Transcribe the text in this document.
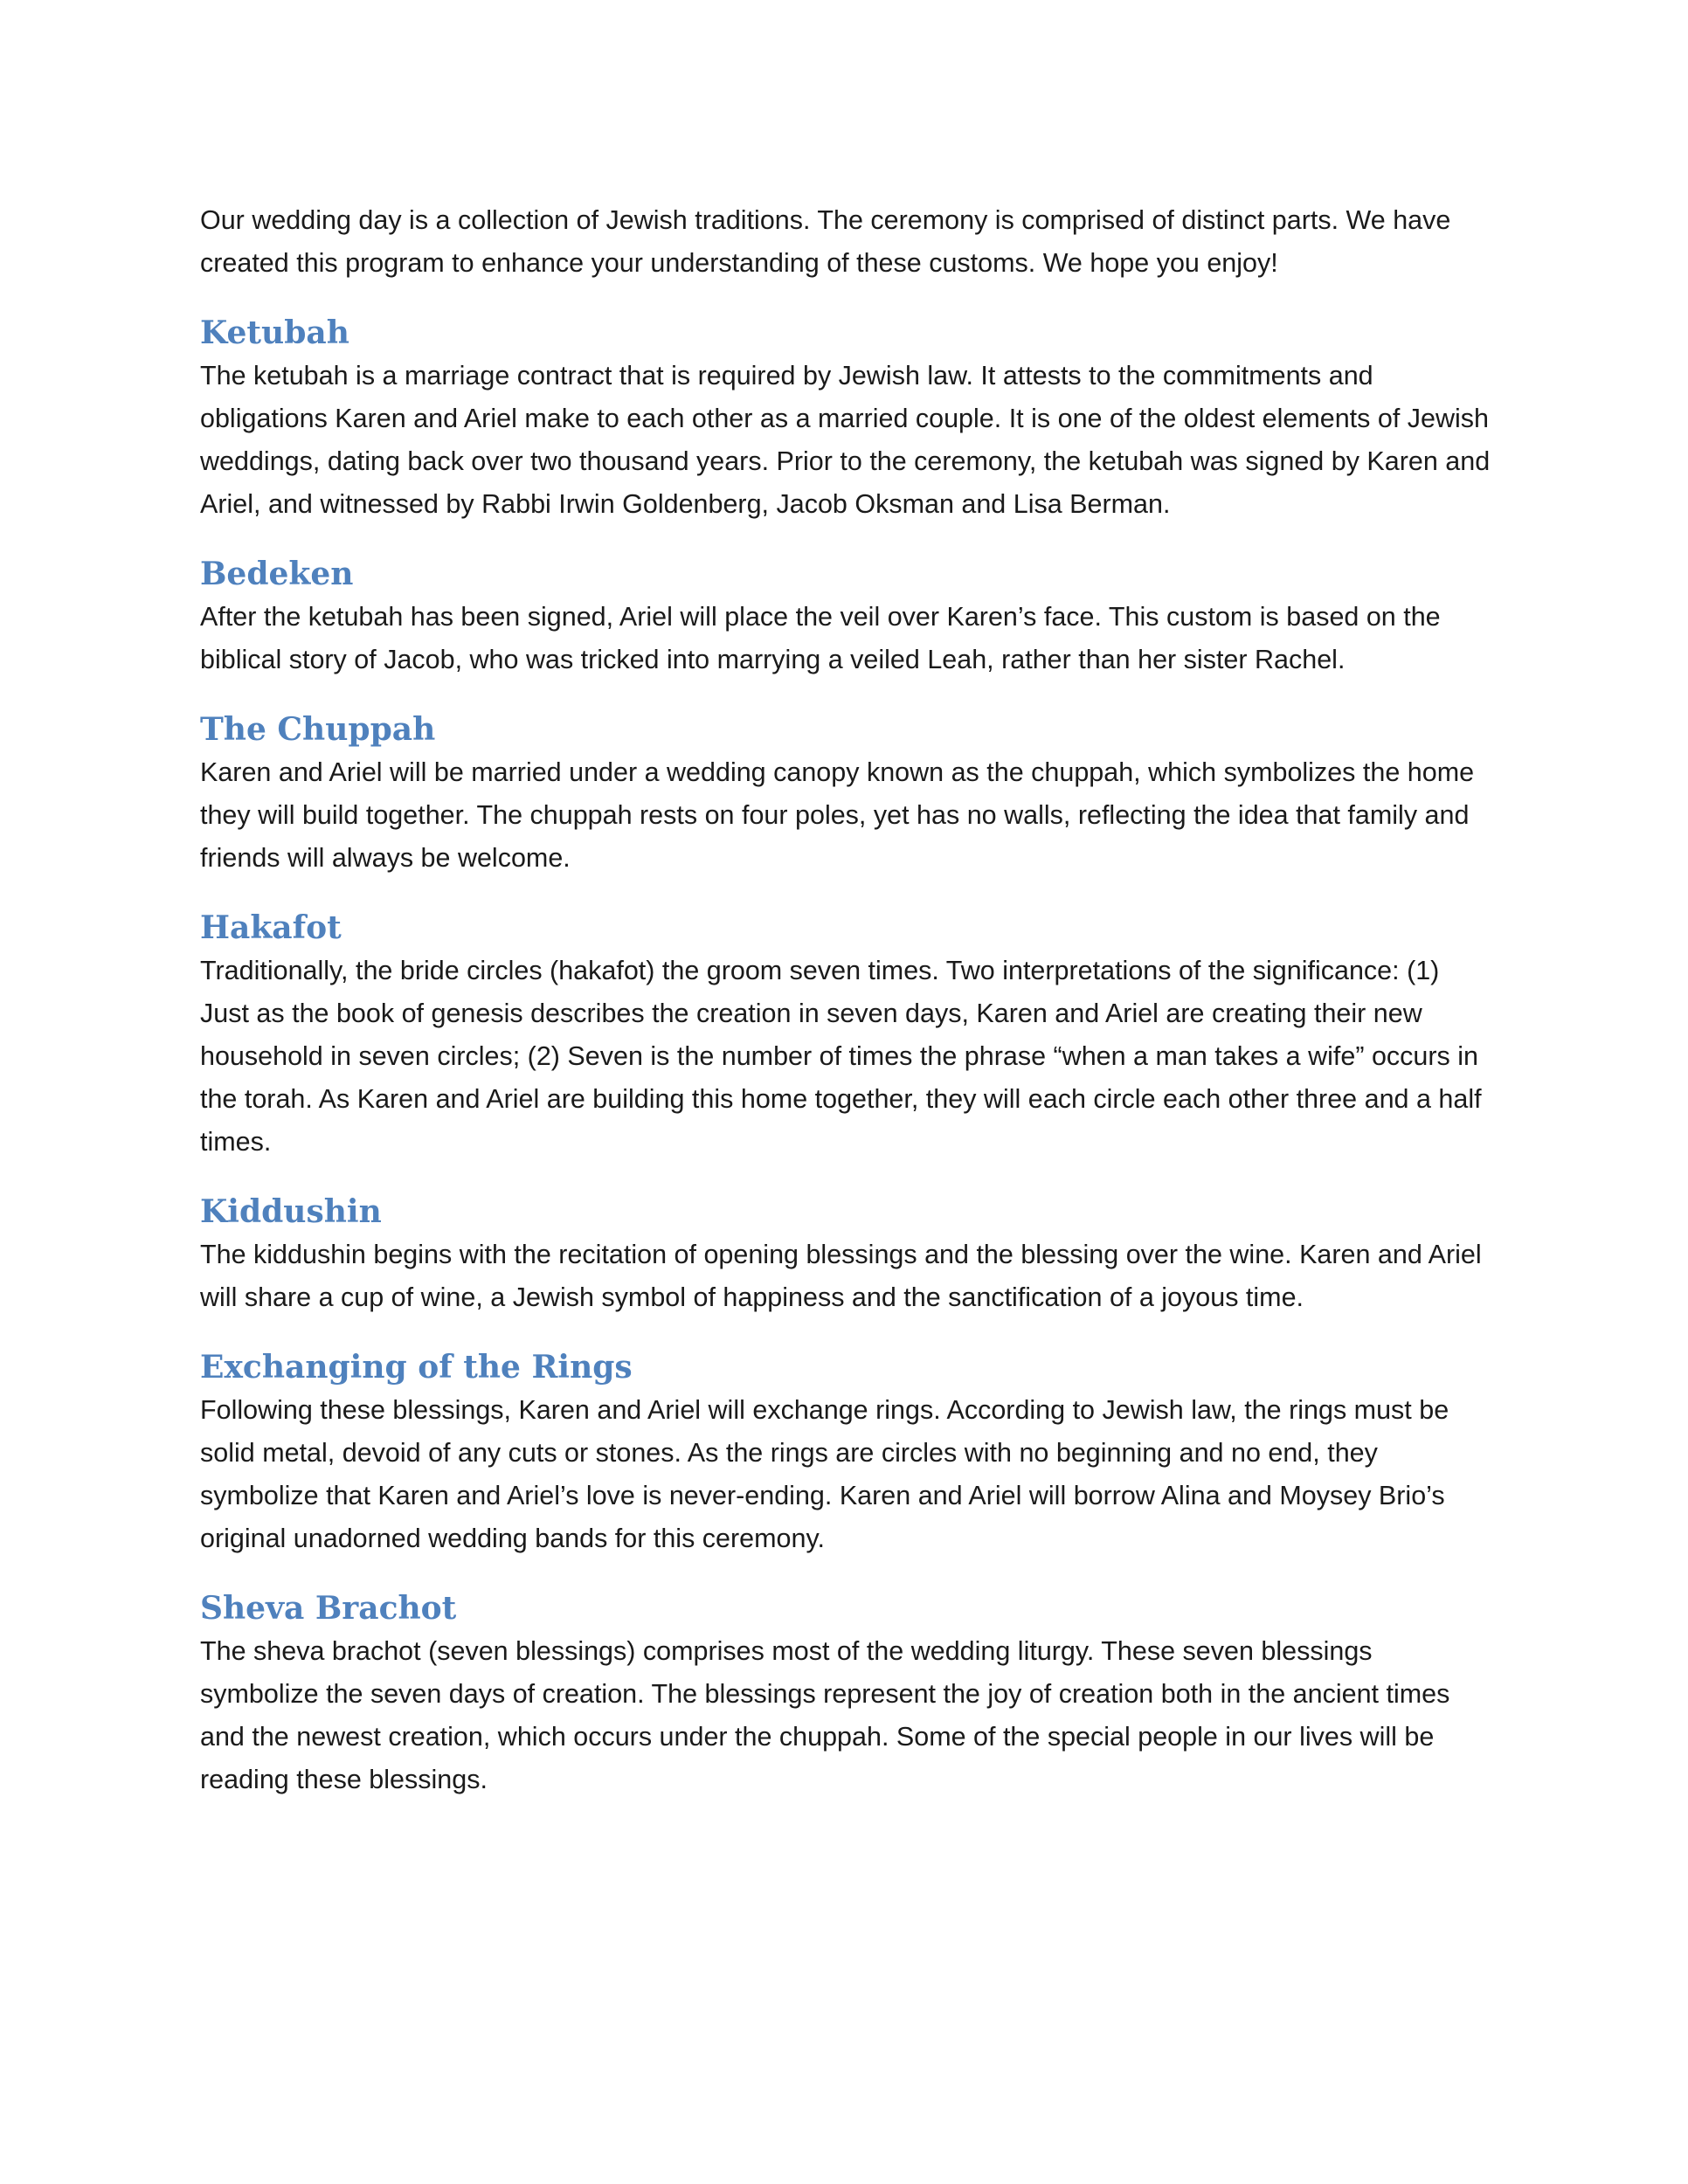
Our wedding day is a collection of Jewish traditions. The ceremony is comprised of distinct parts. We have created this program to enhance your understanding of these customs. We hope you enjoy!

Ketubah

The ketubah is a marriage contract that is required by Jewish law. It attests to the commitments and obligations Karen and Ariel make to each other as a married couple. It is one of the oldest elements of Jewish weddings, dating back over two thousand years. Prior to the ceremony, the ketubah was signed by Karen and Ariel, and witnessed by Rabbi Irwin Goldenberg, Jacob Oksman and Lisa Berman.

Bedeken

After the ketubah has been signed, Ariel will place the veil over Karen’s face. This custom is based on the biblical story of Jacob, who was tricked into marrying a veiled Leah, rather than her sister Rachel.

The Chuppah

Karen and Ariel will be married under a wedding canopy known as the chuppah, which symbolizes the home they will build together. The chuppah rests on four poles, yet has no walls, reflecting the idea that family and friends will always be welcome.

Hakafot

Traditionally, the bride circles (hakafot) the groom seven times. Two interpretations of the significance: (1) Just as the book of genesis describes the creation in seven days, Karen and Ariel are creating their new household in seven circles; (2) Seven is the number of times the phrase “when a man takes a wife” occurs in the torah. As Karen and Ariel are building this home together, they will each circle each other three and a half times.

Kiddushin

The kiddushin begins with the recitation of opening blessings and the blessing over the wine. Karen and Ariel will share a cup of wine, a Jewish symbol of happiness and the sanctification of a joyous time.

Exchanging of the Rings

Following these blessings, Karen and Ariel will exchange rings. According to Jewish law, the rings must be solid metal, devoid of any cuts or stones. As the rings are circles with no beginning and no end, they symbolize that Karen and Ariel’s love is never-ending. Karen and Ariel will borrow Alina and Moysey Brio’s original unadorned wedding bands for this ceremony.

Sheva Brachot

The sheva brachot (seven blessings) comprises most of the wedding liturgy. These seven blessings symbolize the seven days of creation. The blessings represent the joy of creation both in the ancient times and the newest creation, which occurs under the chuppah. Some of the special people in our lives will be reading these blessings.
